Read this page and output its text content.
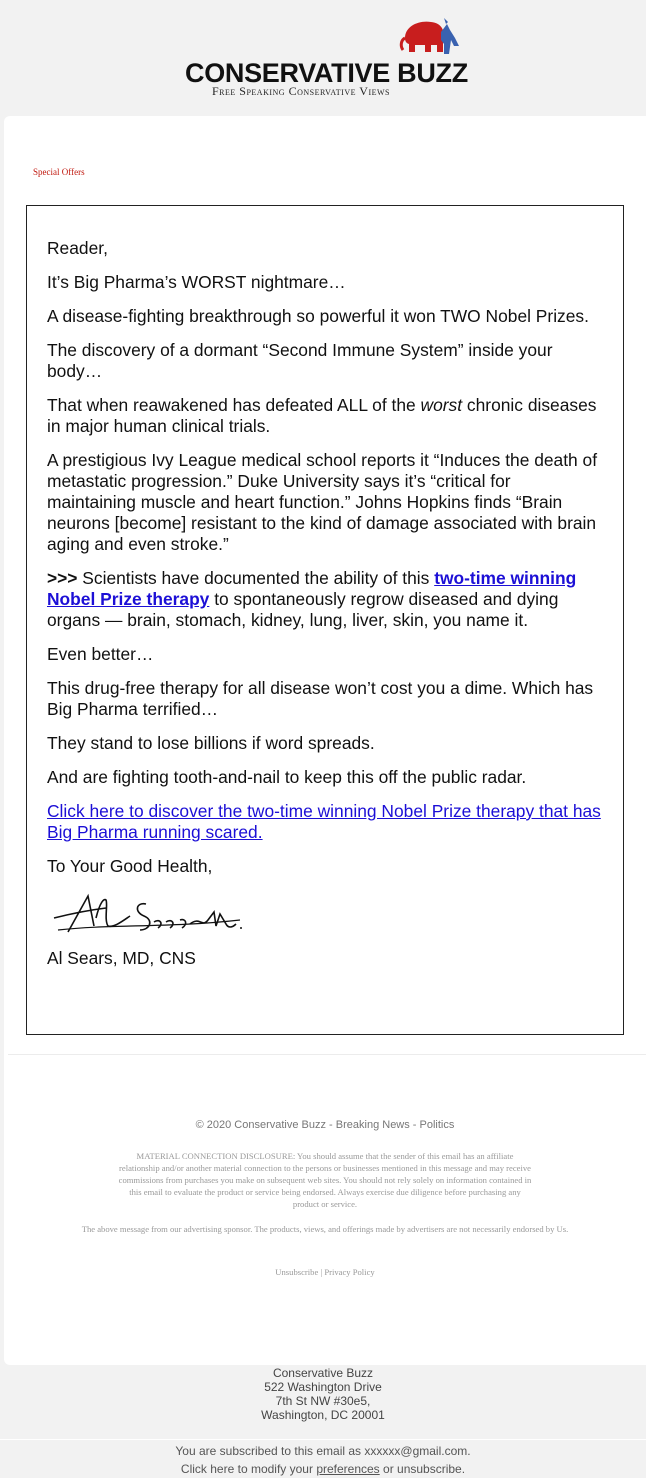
CONSERVATIVE BUZZ
Free Speaking Conservative Views
Special Offers

Reader,

It’s Big Pharma’s WORST nightmare…

A disease-fighting breakthrough so powerful it won TWO Nobel Prizes.

The discovery of a dormant “Second Immune System” inside your body…

That when reawakened has defeated ALL of the worst chronic diseases in major human clinical trials.

A prestigious Ivy League medical school reports it “Induces the death of metastatic progression.” Duke University says it’s “critical for maintaining muscle and heart function.” Johns Hopkins finds “Brain neurons [become] resistant to the kind of damage associated with brain aging and even stroke.”

>>> Scientists have documented the ability of this two-time winning Nobel Prize therapy to spontaneously regrow diseased and dying organs — brain, stomach, kidney, lung, liver, skin, you name it.

Even better…

This drug-free therapy for all disease won’t cost you a dime. Which has Big Pharma terrified…

They stand to lose billions if word spreads.

And are fighting tooth-and-nail to keep this off the public radar.

Click here to discover the two-time winning Nobel Prize therapy that has Big Pharma running scared.

To Your Good Health,

Al Sears, MD, CNS

© 2020 Conservative Buzz - Breaking News - Politics
MATERIAL CONNECTION DISCLOSURE: You should assume that the sender of this email has an affiliate relationship and/or another material connection to the persons or businesses mentioned in this message and may receive commissions from purchases you make on subsequent web sites. You should not rely solely on information contained in this email to evaluate the product or service being endorsed. Always exercise due diligence before purchasing any product or service.
The above message from our advertising sponsor. The products, views, and offerings made by advertisers are not necessarily endorsed by Us.
Unsubscribe | Privacy Policy
Conservative Buzz
522 Washington Drive
7th St NW #30e5,
Washington, DC 20001
You are subscribed to this email as xxxxxx@gmail.com.
Click here to modify your preferences or unsubscribe.
